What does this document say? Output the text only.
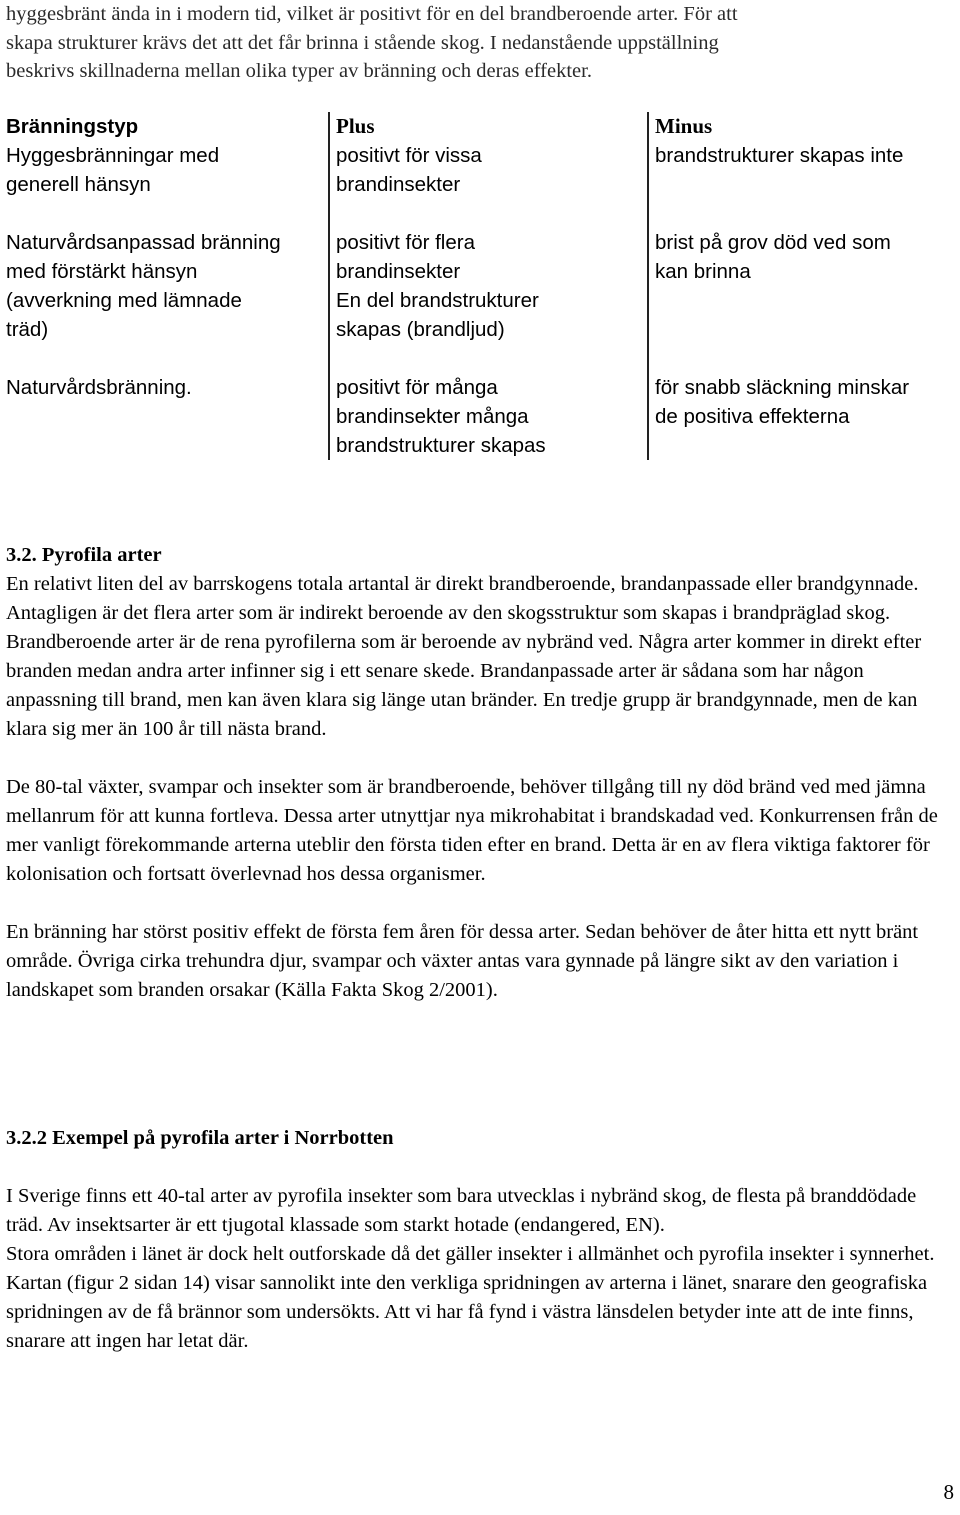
hyggesbränt ända in i modern tid, vilket är positivt för en del brandberoende arter. För att
skapa strukturer krävs det att det får brinna i stående skog. I nedanstående uppställning
beskrivs skillnaderna mellan olika typer av bränning och deras effekter.
Bränningstyp
Hyggesbränningar med
generell hänsyn
Naturvårdsanpassad bränning
med förstärkt hänsyn
(avverkning med lämnade
träd)
Naturvårdsbränning.
Plus
positivt för vissa
brandinsekter
positivt för flera
brandinsekter
En del brandstrukturer
skapas (brandljud)
positivt för många
brandinsekter många
brandstrukturer skapas
Minus
brandstrukturer skapas inte
brist på grov död ved som
kan brinna
för snabb släckning minskar
de positiva effekterna
3.2. Pyrofila arter
En relativt liten del av barrskogens totala artantal är direkt brandberoende, brandanpassade eller brandgynnade. Antagligen är det flera arter som är indirekt beroende av den skogsstruktur som skapas i brandpräglad skog. Brandberoende arter är de rena pyrofilerna som är beroende av nybränd ved. Några arter kommer in direkt efter branden medan andra arter infinner sig i ett senare skede. Brandanpassade arter är sådana som har någon anpassning till brand, men kan även klara sig länge utan bränder. En tredje grupp är brandgynnade, men de kan klara sig mer än 100 år till nästa brand.
De 80-tal växter, svampar och insekter som är brandberoende, behöver tillgång till ny död bränd ved med jämna mellanrum för att kunna fortleva. Dessa arter utnyttjar nya mikrohabitat i brandskadad ved. Konkurrensen från de mer vanligt förekommande arterna uteblir den första tiden efter en brand. Detta är en av flera viktiga faktorer för kolonisation och fortsatt överlevnad hos dessa organismer.
En bränning har störst positiv effekt de första fem åren för dessa arter. Sedan behöver de åter hitta ett nytt bränt område. Övriga cirka trehundra djur, svampar och växter antas vara gynnade på längre sikt av den variation i landskapet som branden orsakar (Källa Fakta Skog 2/2001).
3.2.2 Exempel på pyrofila arter i Norrbotten
I Sverige finns ett 40-tal arter av pyrofila insekter som bara utvecklas i nybränd skog, de flesta på branddödade träd. Av insektsarter är ett tjugotal klassade som starkt hotade (endangered, EN).
Stora områden i länet är dock helt outforskade då det gäller insekter i allmänhet och pyrofila insekter i synnerhet. Kartan (figur 2 sidan 14) visar sannolikt inte den verkliga spridningen av arterna i länet, snarare den geografiska spridningen av de få brännor som undersökts. Att vi har få fynd i västra länsdelen betyder inte att de inte finns, snarare att ingen har letat där.
8
